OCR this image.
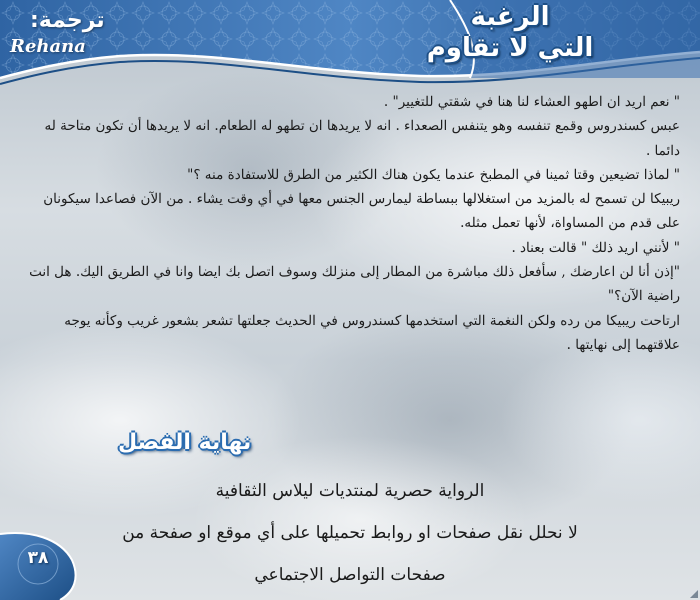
الرغبة
التي لا تقاوم
ترجمة:
Rehana

" نعم اريد ان اطهو العشاء لنا هنا في شقتي للتغيير" .

عبس كسندروس وقمع تنفسه وهو يتنفس الصعداء . انه لا يريدها ان تطهو له الطعام. انه لا يريدها أن تكون متاحة له دائما .

" لماذا تضيعين وقتا ثمينا في المطبخ عندما يكون هناك الكثير من الطرق للاستفادة منه ؟"

ريبيكا لن تسمح له بالمزيد من استغلالها ببساطة ليمارس الجنس معها في أي وقت يشاء . من الآن فصاعدا سيكونان على قدم من المساواة، لأنها تعمل مثله.

" لأنني اريد ذلك " قالت بعناد .

"إذن أنا لن اعارضك , سأفعل ذلك مباشرة من المطار إلى منزلك وسوف اتصل بك ايضا وانا في الطريق اليك. هل انت راضية الآن؟"

ارتاحت ريبيكا من رده ولكن النغمة التي استخدمها كسندروس في الحديث جعلتها تشعر بشعور غريب وكأنه يوجه علاقتهما إلى نهايتها .

نهاية الفصل
الرواية حصرية لمنتديات ليلاس الثقافية
لا نحلل نقل صفحات او روابط تحميلها على أي موقع او صفحة من
صفحات التواصل الاجتماعي
٣٨
